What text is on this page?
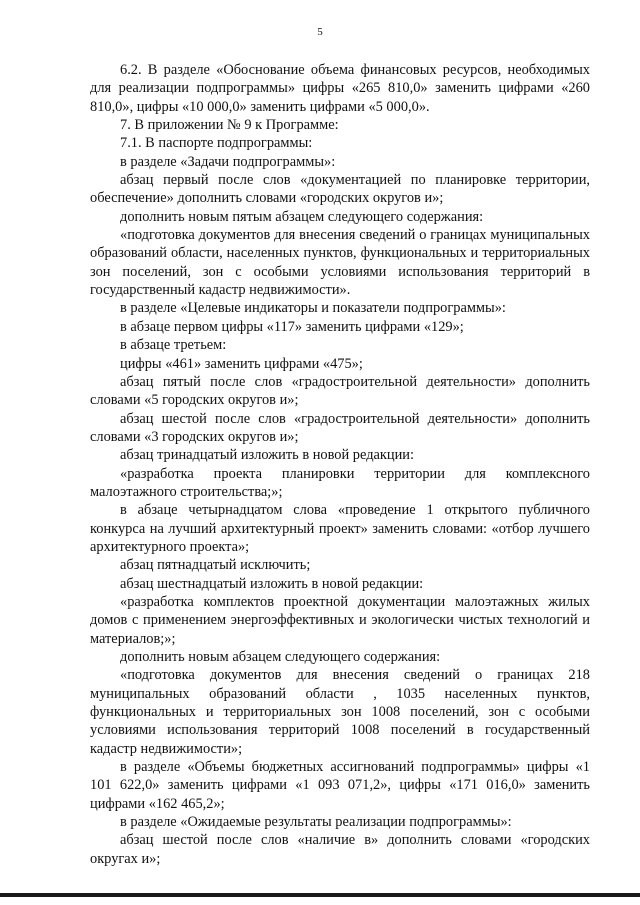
5

6.2. В разделе «Обоснование объема финансовых ресурсов, необходимых для реализации подпрограммы» цифры «265 810,0» заменить цифрами «260 810,0», цифры «10 000,0» заменить цифрами «5 000,0».

7. В приложении № 9 к Программе:

7.1. В паспорте подпрограммы:

в разделе «Задачи подпрограммы»:

абзац первый после слов «документацией по планировке территории, обеспечение» дополнить словами «городских округов и»;

дополнить новым пятым абзацем следующего содержания:

«подготовка документов для внесения сведений о границах муниципальных образований области, населенных пунктов, функциональных и территориальных зон поселений, зон с особыми условиями использования территорий в государственный кадастр недвижимости».

в разделе «Целевые индикаторы и показатели подпрограммы»:

в абзаце первом цифры «117» заменить цифрами «129»;

в абзаце третьем:

цифры «461» заменить цифрами «475»;

абзац пятый после слов «градостроительной деятельности» дополнить словами «5 городских округов и»;

абзац шестой после слов «градостроительной деятельности» дополнить словами «3 городских округов и»;

абзац тринадцатый изложить в новой редакции:

«разработка проекта планировки территории для комплексного малоэтажного строительства;»;

в абзаце четырнадцатом слова «проведение 1 открытого публичного конкурса на лучший архитектурный проект» заменить словами: «отбор лучшего архитектурного проекта»;

абзац пятнадцатый исключить;

абзац шестнадцатый изложить в новой редакции:

«разработка комплектов проектной документации малоэтажных жилых домов с применением энергоэффективных и экологически чистых технологий и материалов;»;

дополнить новым абзацем следующего содержания:

«подготовка документов для внесения сведений о границах 218 муниципальных образований области , 1035 населенных пунктов, функциональных и территориальных зон 1008 поселений, зон с особыми условиями использования территорий 1008 поселений в государственный кадастр недвижимости»;

в разделе «Объемы бюджетных ассигнований подпрограммы» цифры «1 101 622,0» заменить цифрами «1 093 071,2», цифры «171 016,0» заменить цифрами «162 465,2»;

в разделе «Ожидаемые результаты реализации подпрограммы»:

абзац шестой после слов «наличие в» дополнить словами «городских округах и»;
